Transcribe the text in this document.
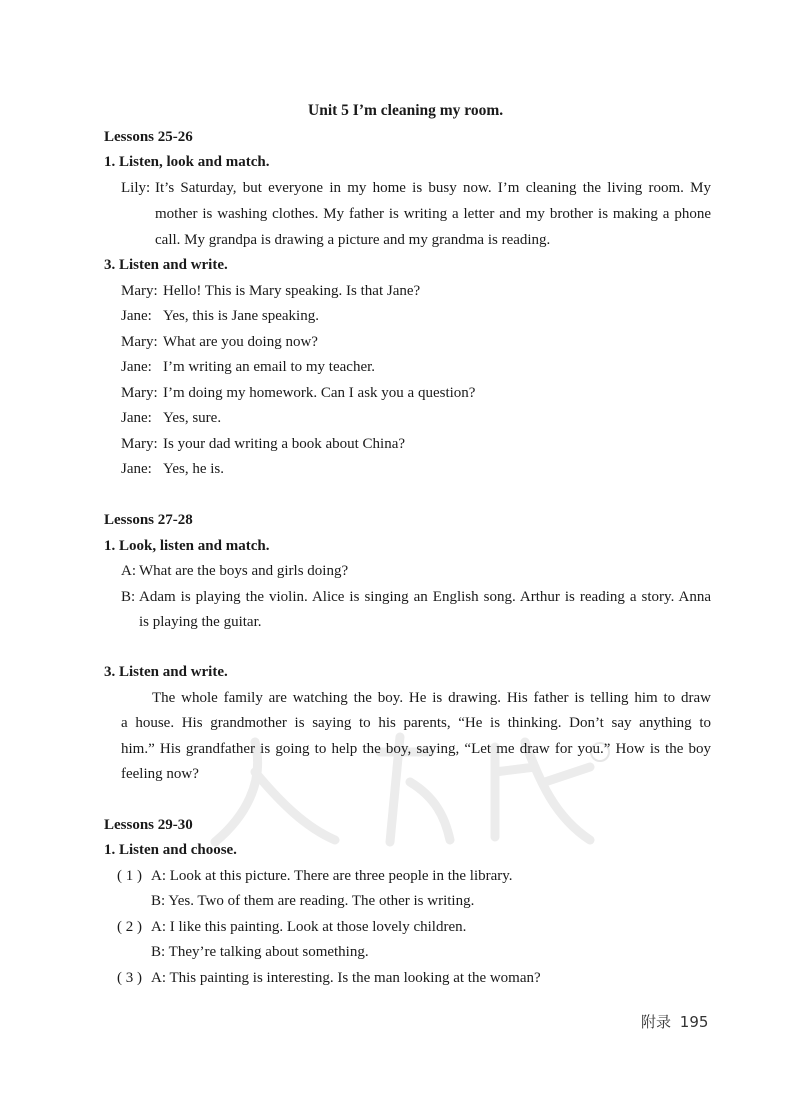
Unit 5 I’m cleaning my room.
Lessons 25-26
1. Listen, look and match.
Lily: It’s Saturday, but everyone in my home is busy now. I’m cleaning the living room. My
mother is washing clothes. My father is writing a letter and my brother is making a phone
call. My grandpa is drawing a picture and my grandma is reading.
3. Listen and write.
Mary: Hello! This is Mary speaking. Is that Jane?
Jane: Yes, this is Jane speaking.
Mary: What are you doing now?
Jane: I’m writing an email to my teacher.
Mary: I’m doing my homework. Can I ask you a question?
Jane: Yes, sure.
Mary: Is your dad writing a book about China?
Jane: Yes, he is.
Lessons 27-28
1. Look, listen and match.
A: What are the boys and girls doing?
B: Adam is playing the violin. Alice is singing an English song. Arthur is reading a story. Anna
is playing the guitar.
3. Listen and write.
The whole family are watching the boy. He is drawing. His father is telling him to draw
a house. His grandmother is saying to his parents, “He is thinking. Don’t say anything to
him.” His grandfather is going to help the boy, saying, “Let me draw for you.” How is the boy
feeling now?
Lessons 29-30
1. Listen and choose.
( 1 ) A: Look at this picture. There are three people in the library.
B: Yes. Two of them are reading. The other is writing.
( 2 ) A: I like this painting. Look at those lovely children.
B: They’re talking about something.
( 3 ) A: This painting is interesting. Is the man looking at the woman?
附录 195
